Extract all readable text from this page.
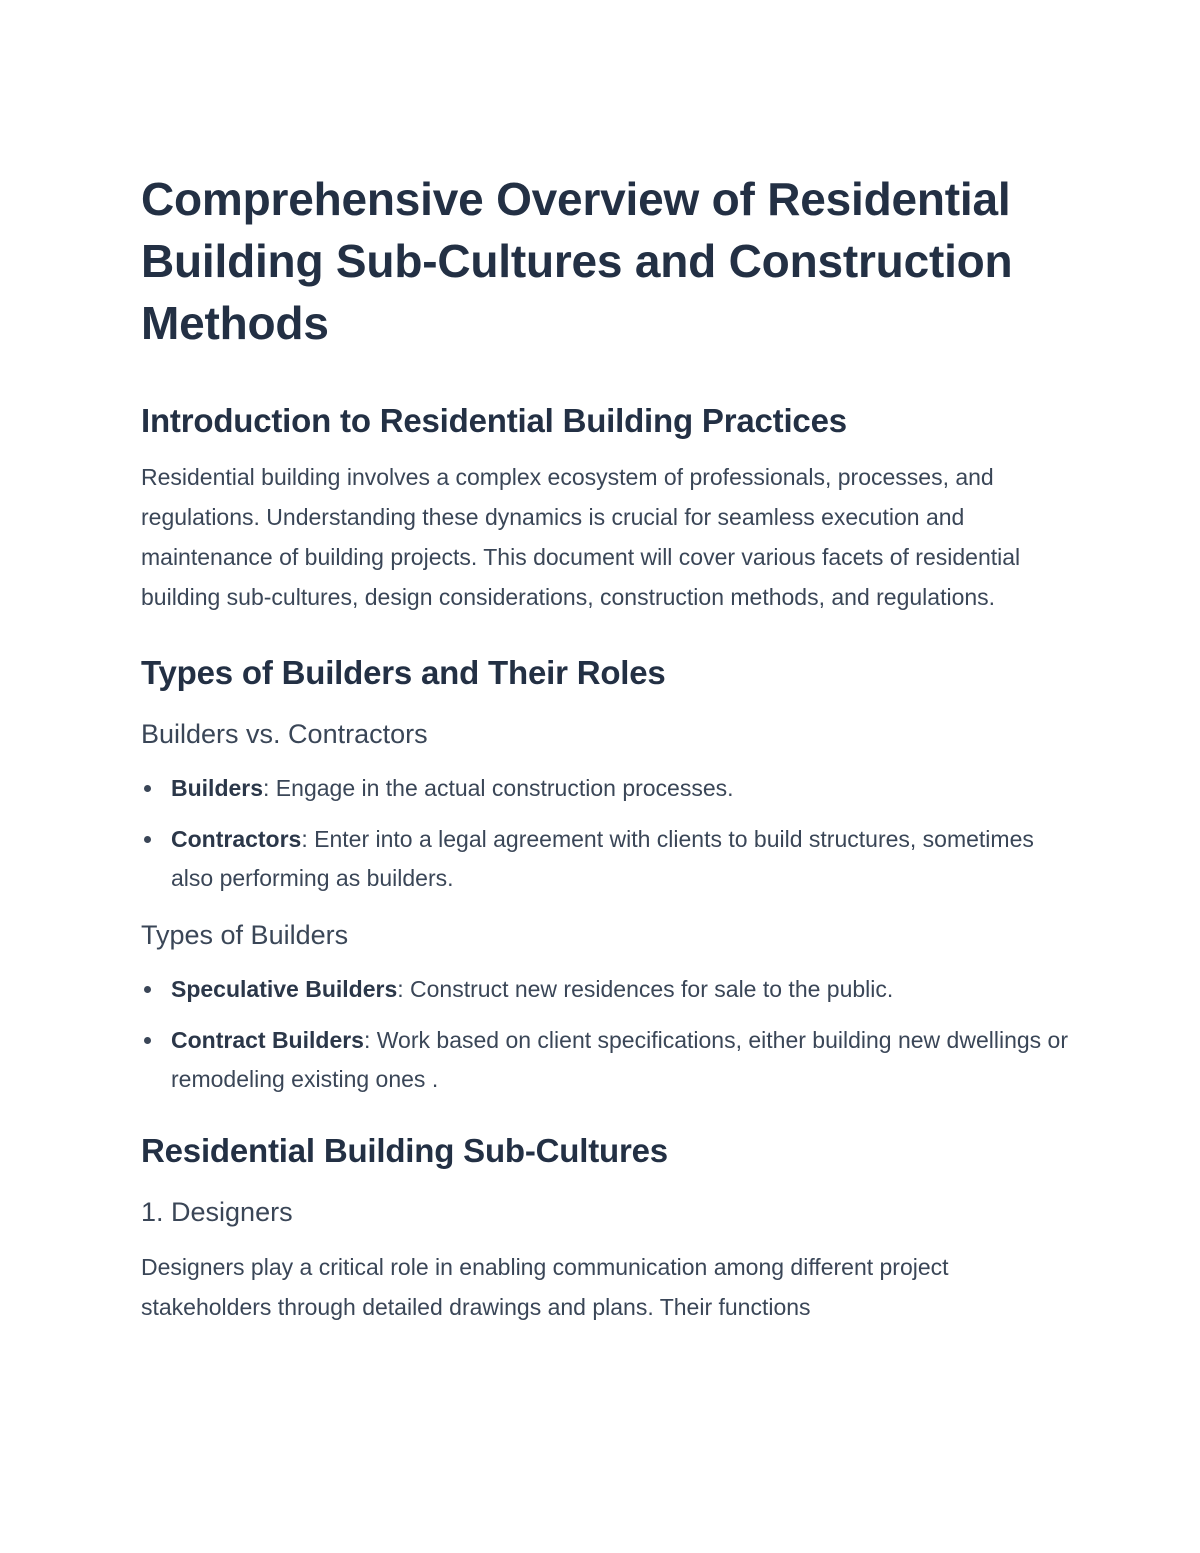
Comprehensive Overview of Residential Building Sub-Cultures and Construction Methods
Introduction to Residential Building Practices

Residential building involves a complex ecosystem of professionals, processes, and regulations. Understanding these dynamics is crucial for seamless execution and maintenance of building projects. This document will cover various facets of residential building sub-cultures, design considerations, construction methods, and regulations.

Types of Builders and Their Roles
Builders vs. Contractors
Builders: Engage in the actual construction processes.
Contractors: Enter into a legal agreement with clients to build structures, sometimes also performing as builders.
Types of Builders
Speculative Builders: Construct new residences for sale to the public.
Contract Builders: Work based on client specifications, either building new dwellings or remodeling existing ones .
Residential Building Sub-Cultures
1. Designers

Designers play a critical role in enabling communication among different project stakeholders through detailed drawings and plans. Their functions
